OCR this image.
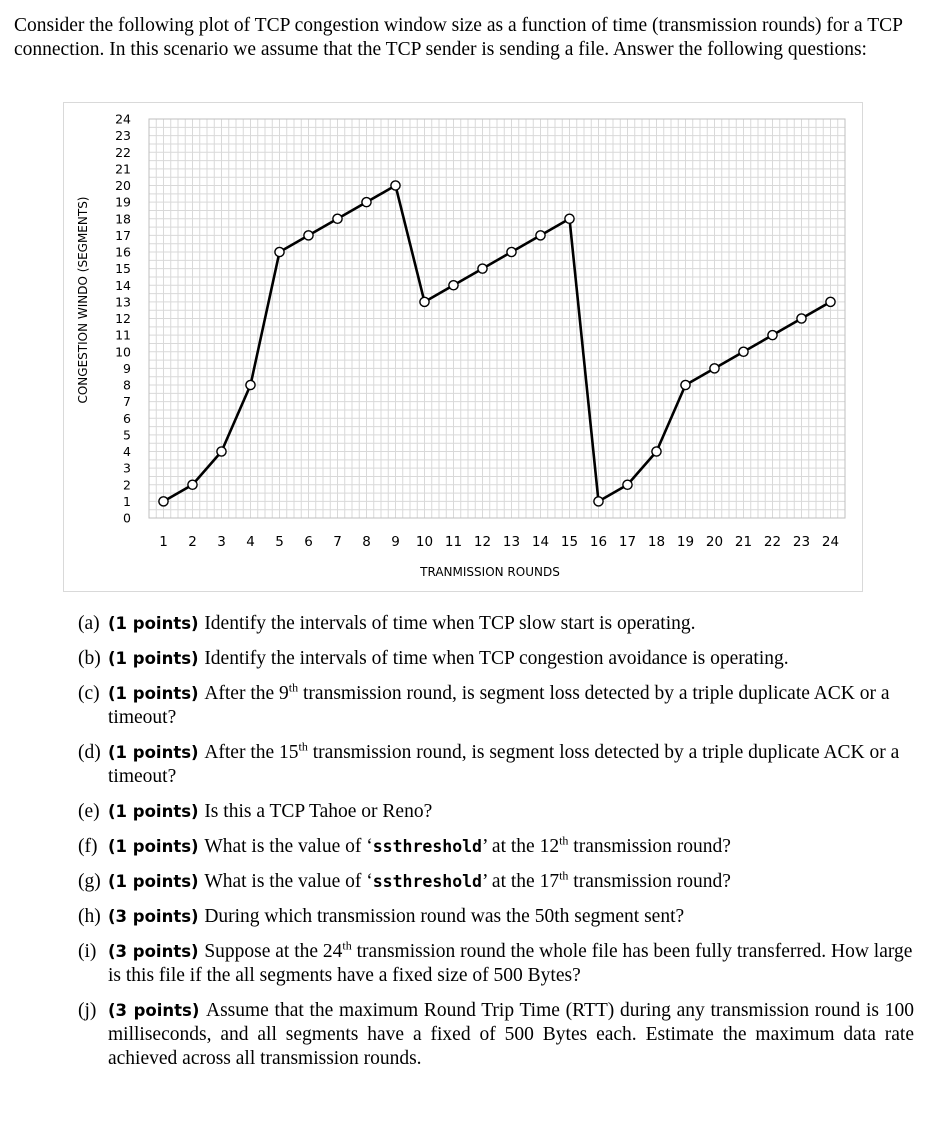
Consider the following plot of TCP congestion window size as a function of time (transmission rounds) for a TCP connection. In this scenario we assume that the TCP sender is sending a file. Answer the following questions:
0
1
2
3
4
5
6
7
8
9
10
11
12
13
14
15
16
17
18
19
20
21
22
23
24
1 2 3 4 5 6 7 8 9 10 11 12 13 14 15 16 17 18 19 20 21 22 23 24
CONGESTION WINDO (SEGMENTS)
TRANMISSION ROUNDS
(a) (1 points) Identify the intervals of time when TCP slow start is operating.
(b) (1 points) Identify the intervals of time when TCP congestion avoidance is operating.
(c) (1 points) After the 9th transmission round, is segment loss detected by a triple duplicate ACK or a timeout?
(d) (1 points) After the 15th transmission round, is segment loss detected by a triple duplicate ACK or a timeout?
(e) (1 points) Is this a TCP Tahoe or Reno?
(f) (1 points) What is the value of ‘ssthreshold’ at the 12th transmission round?
(g) (1 points) What is the value of ‘ssthreshold’ at the 17th transmission round?
(h) (3 points) During which transmission round was the 50th segment sent?
(i) (3 points) Suppose at the 24th transmission round the whole file has been fully transferred. How large is this file if the all segments have a fixed size of 500 Bytes?
(j) (3 points) Assume that the maximum Round Trip Time (RTT) during any transmission round is 100 milliseconds, and all segments have a fixed of 500 Bytes each. Estimate the maximum data rate achieved across all transmission rounds.
